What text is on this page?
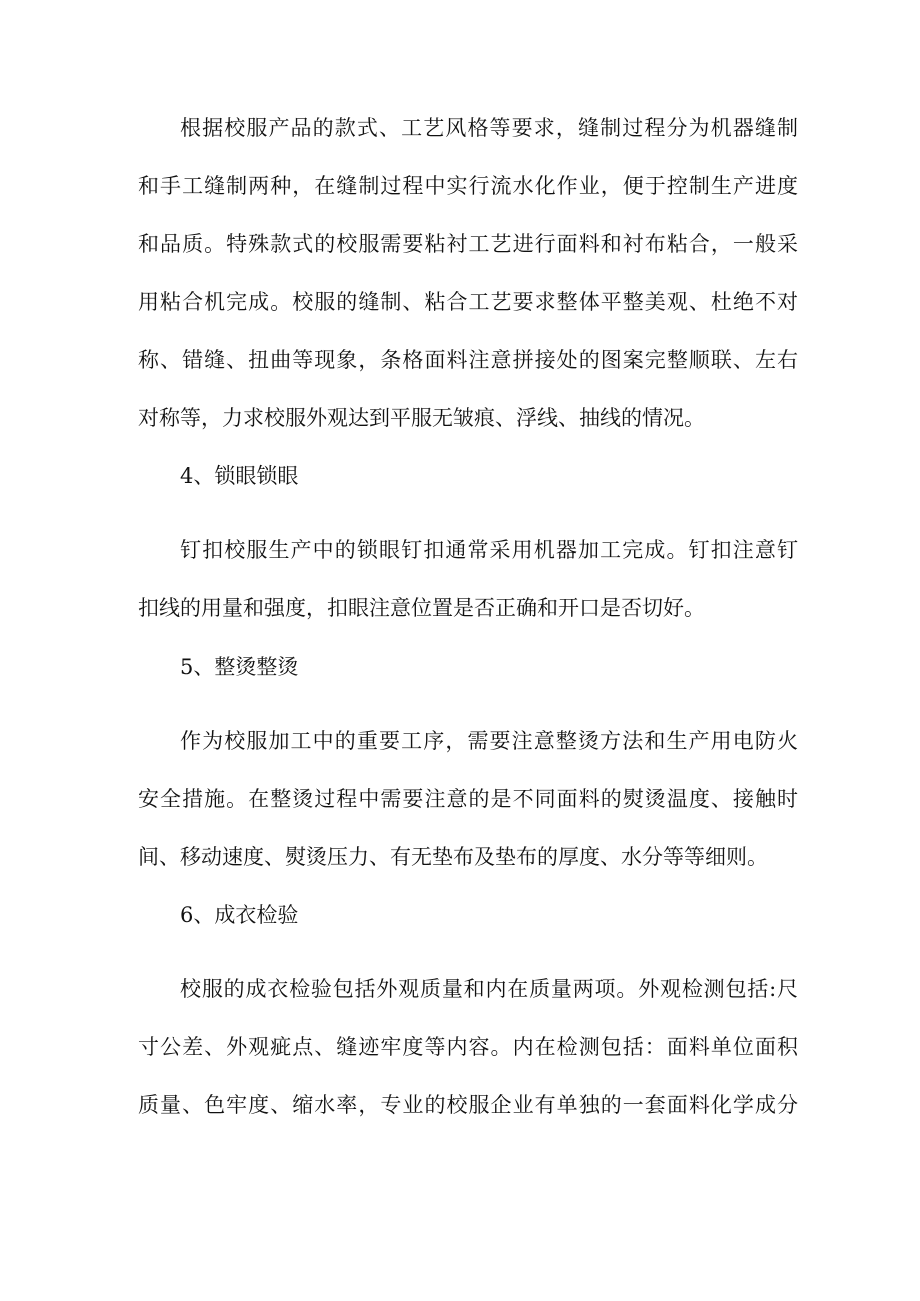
根据校服产品的款式、工艺风格等要求，缝制过程分为机器缝制

和手工缝制两种，在缝制过程中实行流水化作业，便于控制生产进度

和品质。特殊款式的校服需要粘衬工艺进行面料和衬布粘合，一般采

用粘合机完成。校服的缝制、粘合工艺要求整体平整美观、杜绝不对

称、错缝、扭曲等现象，条格面料注意拼接处的图案完整顺联、左右

对称等，力求校服外观达到平服无皱痕、浮线、抽线的情况。

4、锁眼锁眼

钉扣校服生产中的锁眼钉扣通常采用机器加工完成。钉扣注意钉

扣线的用量和强度，扣眼注意位置是否正确和开口是否切好。

5、整烫整烫

作为校服加工中的重要工序，需要注意整烫方法和生产用电防火

安全措施。在整烫过程中需要注意的是不同面料的熨烫温度、接触时

间、移动速度、熨烫压力、有无垫布及垫布的厚度、水分等等细则。

6、成衣检验

校服的成衣检验包括外观质量和内在质量两项。外观检测包括:尺

寸公差、外观疵点、缝迹牢度等内容。内在检测包括：面料单位面积

质量、色牢度、缩水率，专业的校服企业有单独的一套面料化学成分
